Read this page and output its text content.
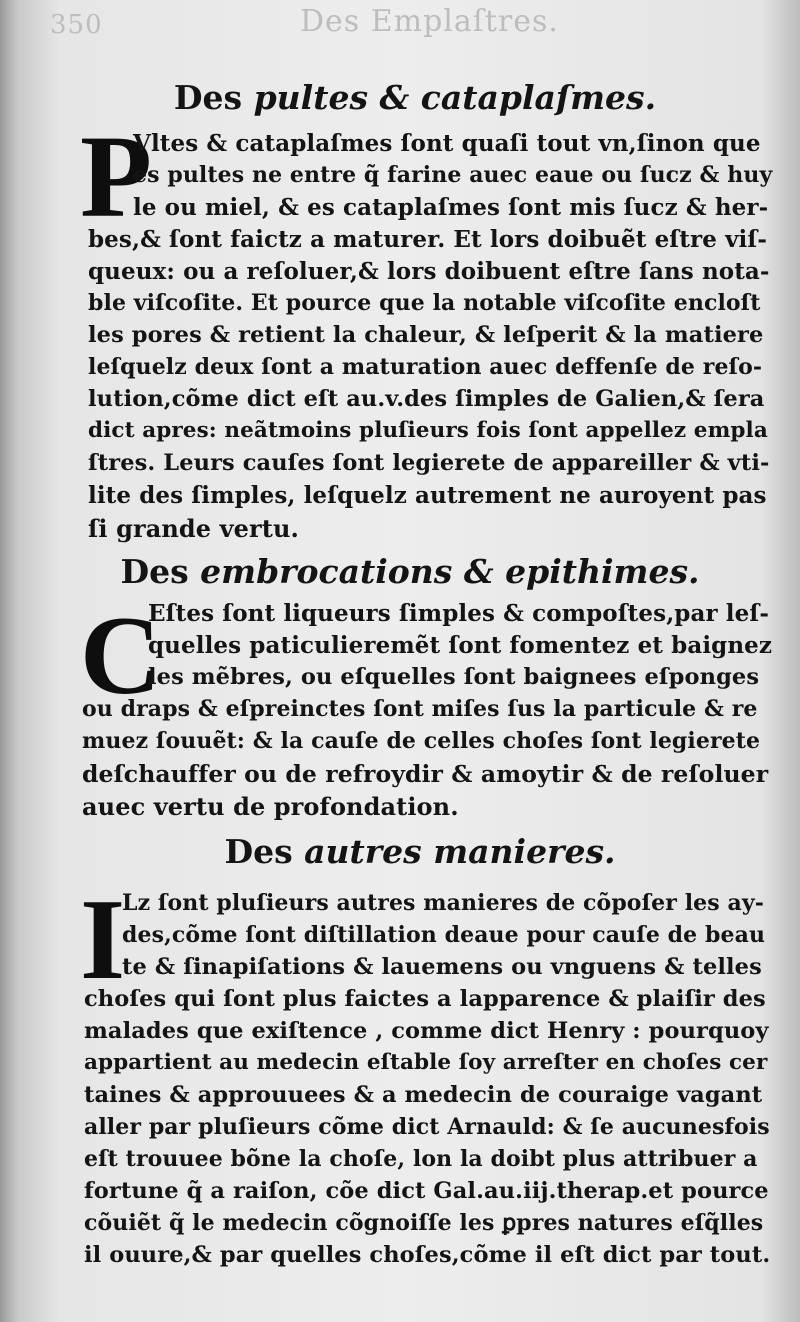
350	Des Emplaſtres.
Des pultes & cataplaſmes.
P
Vltes & cataplaſmes ſont quaſi tout vn,ſinon que
es pultes ne entre q̃ farine auec eaue ou ſucz & huy
le ou miel, & es cataplaſmes ſont mis ſucz & her-
bes,& ſont faictz a maturer. Et lors doibuẽt eſtre viſ-
queux: ou a reſoluer,& lors doibuent eſtre ſans nota-
ble viſcoſite. Et pource que la notable viſcoſite encloſt
les pores & retient la chaleur, & leſperit & la matiere
leſquelz deux ſont a maturation auec deffenſe de reſo-
lution,cõme dict eſt au.v.des ſimples de Galien,& ſera
dict apres: neãtmoins pluſieurs fois ſont appellez empla
ſtres. Leurs cauſes ſont legierete de appareiller & vti-
lite des ſimples, leſquelz autrement ne auroyent pas
ſi grande vertu.
Des embrocations & epithimes.
C
Eſtes ſont liqueurs ſimples & compoſtes,par leſ-
quelles paticulieremẽt ſont fomentez et baignez
les mẽbres, ou eſquelles ſont baignees eſponges
ou draps & eſpreinctes ſont miſes ſus la particule & re
muez ſouuẽt: & la cauſe de celles choſes ſont legierete
deſchauffer ou de refroydir & amoytir & de reſoluer
auec vertu de profondation.
Des autres manieres.
I
Lz ſont pluſieurs autres manieres de cõpoſer les ay-
des,cõme ſont diſtillation deaue pour cauſe de beau
te & ſinapiſations & lauemens ou vnguens & telles
choſes qui ſont plus faictes a lapparence & plaiſir des
malades que exiſtence , comme dict Henry : pourquoy
appartient au medecin eſtable ſoy arreſter en choſes cer
taines & approuuees & a medecin de couraige vagant
aller par pluſieurs cõme dict Arnauld: & ſe aucunesfois
eſt trouuee bõne la choſe, lon la doibt plus attribuer a
fortune q̃ a raiſon, cõe dict Gal.au.iij.therap.et pource
cõuiẽt q̃ le medecin cõgnoiſſe les ꝑpres natures eſq̃lles
il ouure,& par quelles choſes,cõme il eſt dict par tout.
